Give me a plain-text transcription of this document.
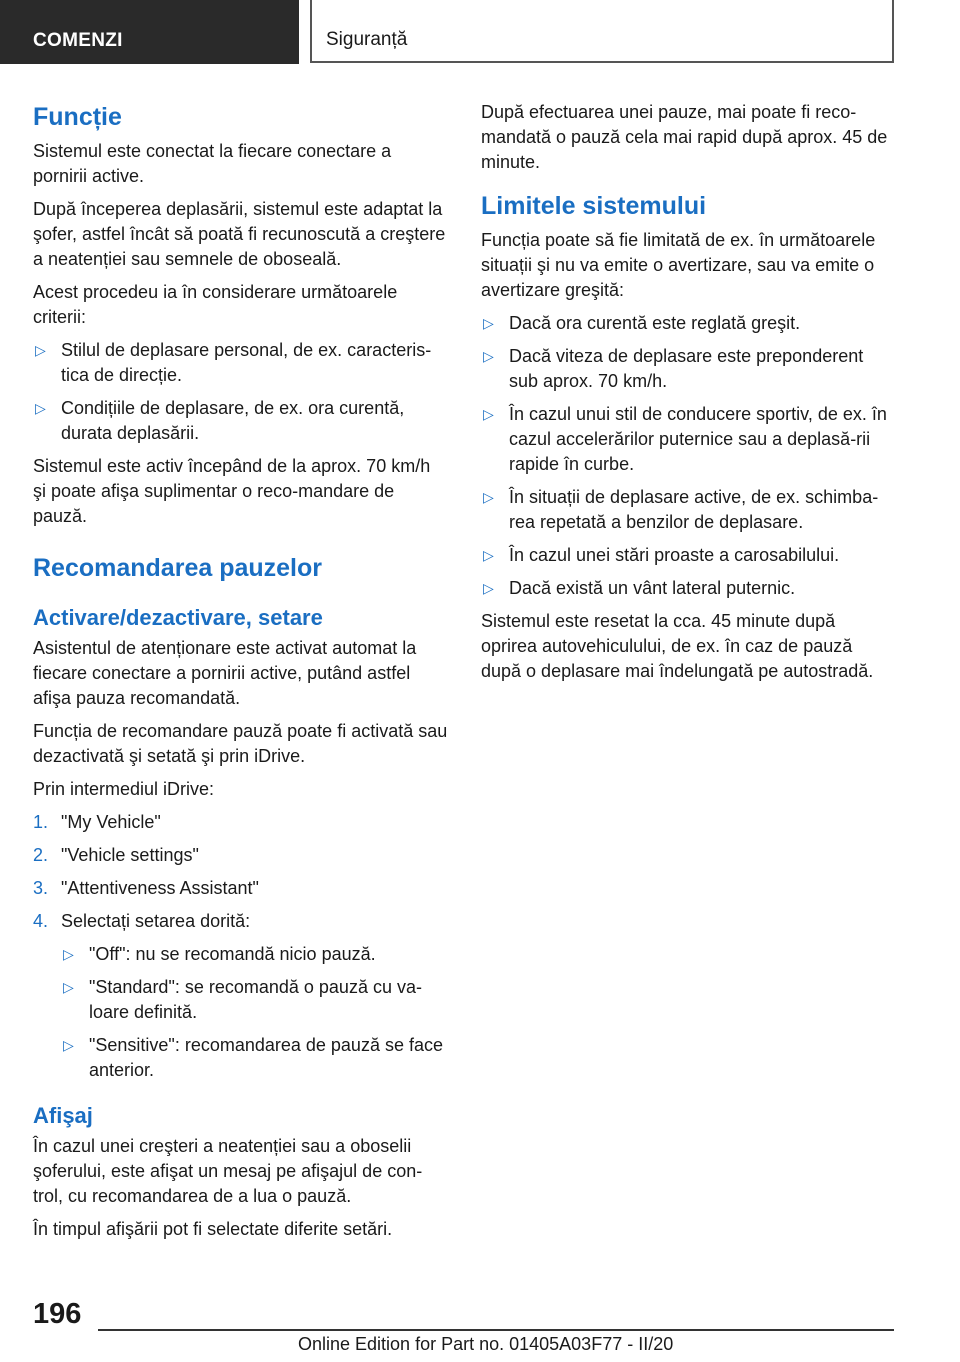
COMENZI	Siguranță
Funcție

Sistemul este conectat la fiecare conectare a pornirii active.

După începerea deplasării, sistemul este adaptat la şofer, astfel încât să poată fi recunoscută a creştere a neatenției sau semnele de oboseală.

Acest procedeu ia în considerare următoarele criterii:

▷ Stilul de deplasare personal, de ex. caracteris‐tica de direcție.
▷ Condițiile de deplasare, de ex. ora curentă, durata deplasării.

Sistemul este activ începând de la aprox. 70 km/h şi poate afişa suplimentar o reco‐mandare de pauză.

Recomandarea pauzelor
Activare/dezactivare, setare

Asistentul de atenționare este activat automat la fiecare conectare a pornirii active, putând astfel afişa pauza recomandată.

Funcția de recomandare pauză poate fi activată sau dezactivată şi setată şi prin iDrive.

Prin intermediul iDrive:

1. "My Vehicle"
2. "Vehicle settings"
3. "Attentiveness Assistant"
4. Selectați setarea dorită:
▷ "Off": nu se recomandă nicio pauză.
▷ "Standard": se recomandă o pauză cu va‐loare definită.
▷ "Sensitive": recomandarea de pauză se face anterior.
Afişaj

În cazul unei creşteri a neatenției sau a oboselii şoferului, este afişat un mesaj pe afişajul de con‐trol, cu recomandarea de a lua o pauză.

În timpul afişării pot fi selectate diferite setări.

După efectuarea unei pauze, mai poate fi reco‐mandată o pauză cela mai rapid după aprox. 45 de minute.

Limitele sistemului

Funcția poate să fie limitată de ex. în următoarele situații şi nu va emite o avertizare, sau va emite o avertizare greşită:

▷ Dacă ora curentă este reglată greşit.
▷ Dacă viteza de deplasare este preponderent sub aprox. 70 km/h.
▷ În cazul unui stil de conducere sportiv, de ex. în cazul accelerărilor puternice sau a deplasă‐rii rapide în curbe.
▷ În situații de deplasare active, de ex. schimba‐rea repetată a benzilor de deplasare.
▷ În cazul unei stări proaste a carosabilului.
▷ Dacă există un vânt lateral puternic.

Sistemul este resetat la cca. 45 minute după oprirea autovehiculului, de ex. în caz de pauză după o deplasare mai îndelungată pe autostradă.

196
Online Edition for Part no. 01405A03F77 - II/20
